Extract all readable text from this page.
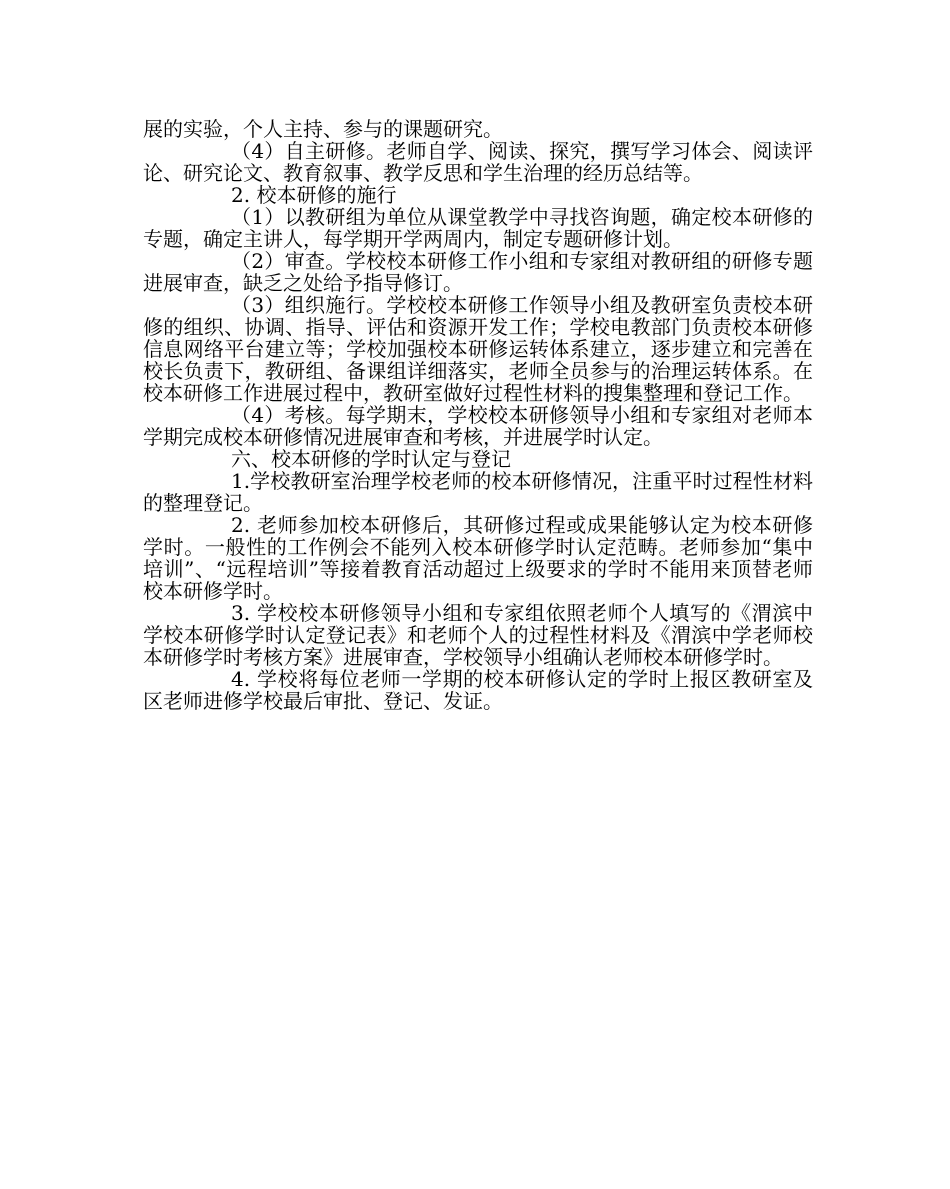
展的实验，个人主持、参与的课题研究。

（4）自主研修。老师自学、阅读、探究，撰写学习体会、阅读评论、研究论文、教育叙事、教学反思和学生治理的经历总结等。

2. 校本研修的施行

（1）以教研组为单位从课堂教学中寻找咨询题，确定校本研修的专题，确定主讲人，每学期开学两周内，制定专题研修计划。

（2）审查。学校校本研修工作小组和专家组对教研组的研修专题进展审查，缺乏之处给予指导修订。

（3）组织施行。学校校本研修工作领导小组及教研室负责校本研修的组织、协调、指导、评估和资源开发工作；学校电教部门负责校本研修信息网络平台建立等；学校加强校本研修运转体系建立，逐步建立和完善在校长负责下，教研组、备课组详细落实，老师全员参与的治理运转体系。在校本研修工作进展过程中，教研室做好过程性材料的搜集整理和登记工作。

（4）考核。每学期末，学校校本研修领导小组和专家组对老师本学期完成校本研修情况进展审查和考核，并进展学时认定。

六、校本研修的学时认定与登记

1.学校教研室治理学校老师的校本研修情况，注重平时过程性材料的整理登记。

2. 老师参加校本研修后，其研修过程或成果能够认定为校本研修学时。一般性的工作例会不能列入校本研修学时认定范畴。老师参加“集中培训”、“远程培训”等接着教育活动超过上级要求的学时不能用来顶替老师校本研修学时。

3. 学校校本研修领导小组和专家组依照老师个人填写的《渭滨中学校本研修学时认定登记表》和老师个人的过程性材料及《渭滨中学老师校本研修学时考核方案》进展审查，学校领导小组确认老师校本研修学时。

4. 学校将每位老师一学期的校本研修认定的学时上报区教研室及区老师进修学校最后审批、登记、发证。
